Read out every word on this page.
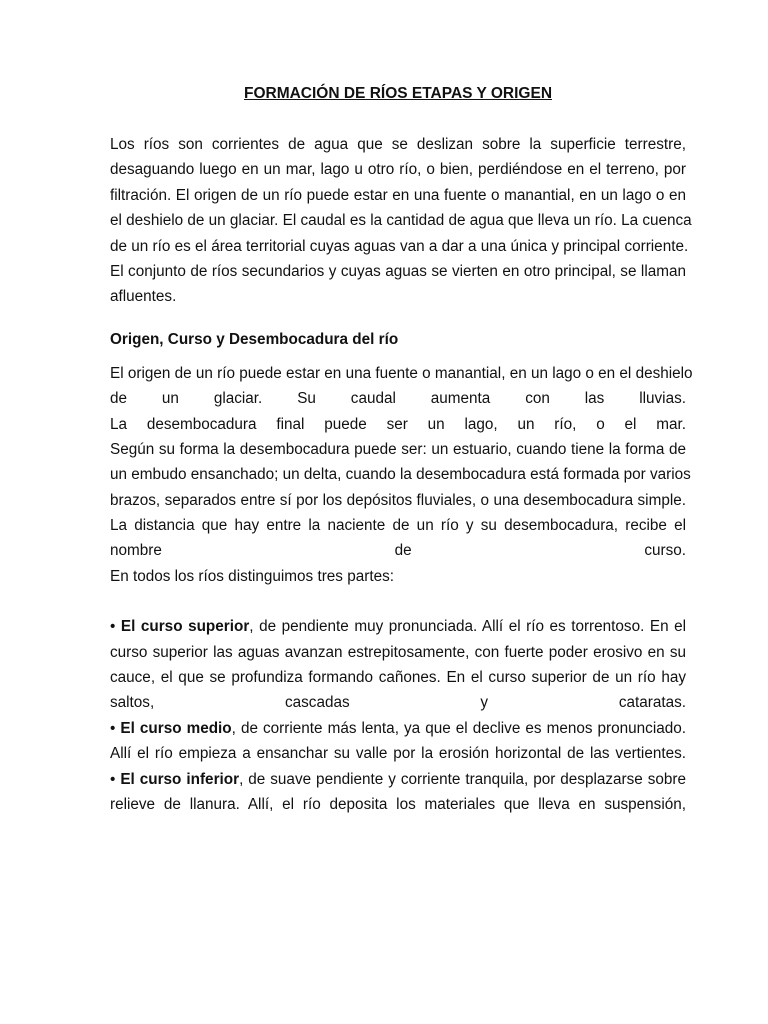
FORMACIÓN DE RÍOS ETAPAS Y ORIGEN

Los ríos son corrientes de agua que se deslizan sobre la superficie terrestre,

desaguando luego en un mar, lago u otro río, o bien, perdiéndose en el terreno, por

filtración. El origen de un río puede estar en una fuente o manantial, en un lago o en

el deshielo de un glaciar. El caudal es la cantidad de agua que lleva un río. La cuenca

de un río es el área territorial cuyas aguas van a dar a una única y principal corriente.

El conjunto de ríos secundarios y cuyas aguas se vierten en otro principal, se llaman

afluentes.

Origen, Curso y Desembocadura del río

El origen de un río puede estar en una fuente o manantial, en un lago o en el deshielo

de un glaciar. Su caudal aumenta con las lluvias.

La desembocadura final puede ser un lago, un río, o el mar.

Según su forma la desembocadura puede ser: un estuario, cuando tiene la forma de

un embudo ensanchado; un delta, cuando la desembocadura está formada por varios

brazos, separados entre sí por los depósitos fluviales, o una desembocadura simple.

La distancia que hay entre la naciente de un río y su desembocadura, recibe el

nombre de curso.

En todos los ríos distinguimos tres partes:

• El curso superior, de pendiente muy pronunciada. Allí el río es torrentoso. En el

curso superior las aguas avanzan estrepitosamente, con fuerte poder erosivo en su

cauce, el que se profundiza formando cañones. En el curso superior de un río hay

saltos, cascadas y cataratas.

• El curso medio, de corriente más lenta, ya que el declive es menos pronunciado.

Allí el río empieza a ensanchar su valle por la erosión horizontal de las vertientes.

• El curso inferior, de suave pendiente y corriente tranquila, por desplazarse sobre

relieve de llanura. Allí, el río deposita los materiales que lleva en suspensión,
